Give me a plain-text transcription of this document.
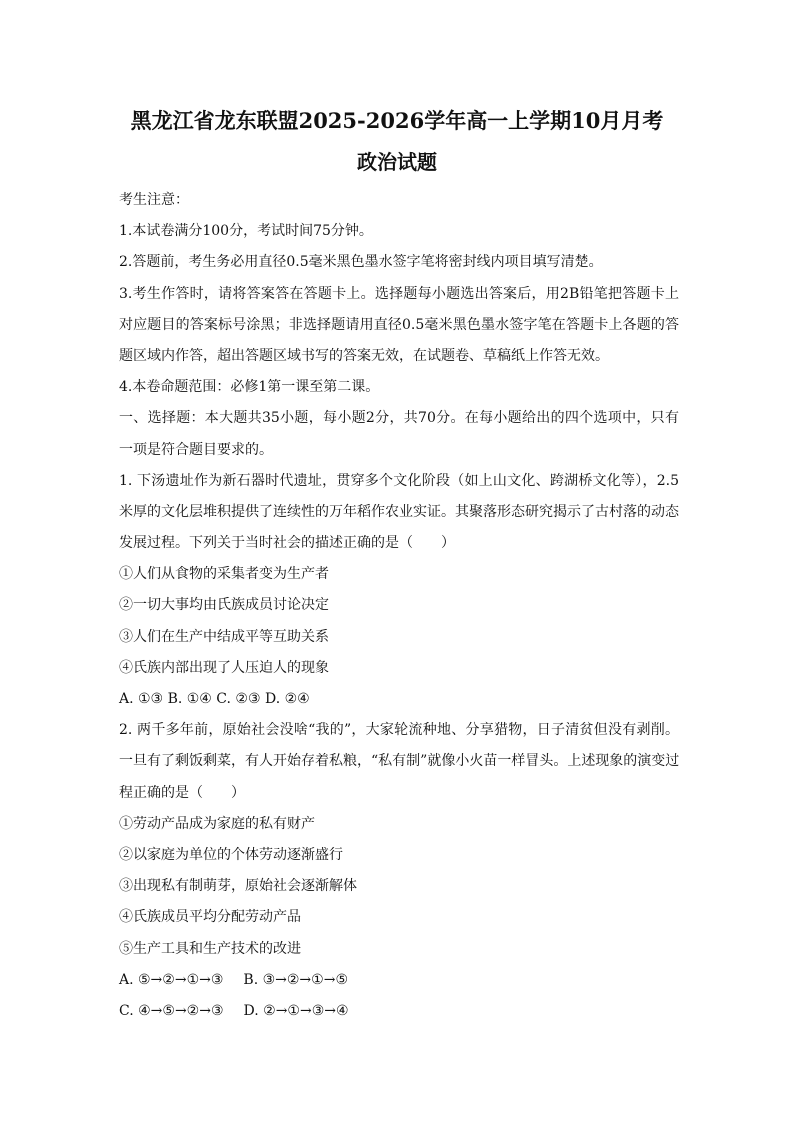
黑龙江省龙东联盟2025-2026学年高一上学期10月月考
政治试题
考生注意：
1.本试卷满分100分，考试时间75分钟。
2.答题前，考生务必用直径0.5毫米黑色墨水签字笔将密封线内项目填写清楚。
3.考生作答时，请将答案答在答题卡上。选择题每小题选出答案后，用2B铅笔把答题卡上
对应题目的答案标号涂黑；非选择题请用直径0.5毫米黑色墨水签字笔在答题卡上各题的答
题区域内作答，超出答题区域书写的答案无效，在试题卷、草稿纸上作答无效。
4.本卷命题范围：必修1第一课至第二课。
一、选择题：本大题共35小题，每小题2分，共70分。在每小题给出的四个选项中，只有
一项是符合题目要求的。
1. 下汤遗址作为新石器时代遗址，贯穿多个文化阶段（如上山文化、跨湖桥文化等），2.5
米厚的文化层堆积提供了连续性的万年稻作农业实证。其聚落形态研究揭示了古村落的动态
发展过程。下列关于当时社会的描述正确的是（　　）
①人们从食物的采集者变为生产者
②一切大事均由氏族成员讨论决定
③人们在生产中结成平等互助关系
④氏族内部出现了人压迫人的现象
A. ①③ B. ①④ C. ②③ D. ②④
2. 两千多年前，原始社会没啥“我的”，大家轮流种地、分享猎物，日子清贫但没有剥削。
一旦有了剩饭剩菜，有人开始存着私粮，“私有制”就像小火苗一样冒头。上述现象的演变过
程正确的是（　　）
①劳动产品成为家庭的私有财产
②以家庭为单位的个体劳动逐渐盛行
③出现私有制萌芽，原始社会逐渐解体
④氏族成员平均分配劳动产品
⑤生产工具和生产技术的改进
A. ⑤→②→①→③ B. ③→②→①→⑤
C. ④→⑤→②→③ D. ②→①→③→④
